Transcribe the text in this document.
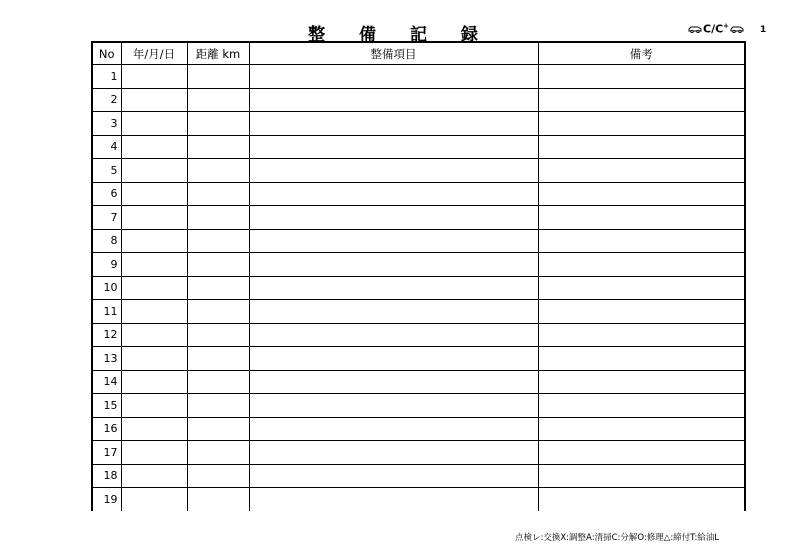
整 備 記 録	C/C+	1
No	年/月/日	距離 km	整備項目	備考
1				
2				
3				
4				
5				
6				
7				
8				
9				
10				
11				
12				
13				
14				
15				
16				
17				
18				
19				
点検レ:交換X:調整A:清掃C:分解O:修理△:締付T:給油L
